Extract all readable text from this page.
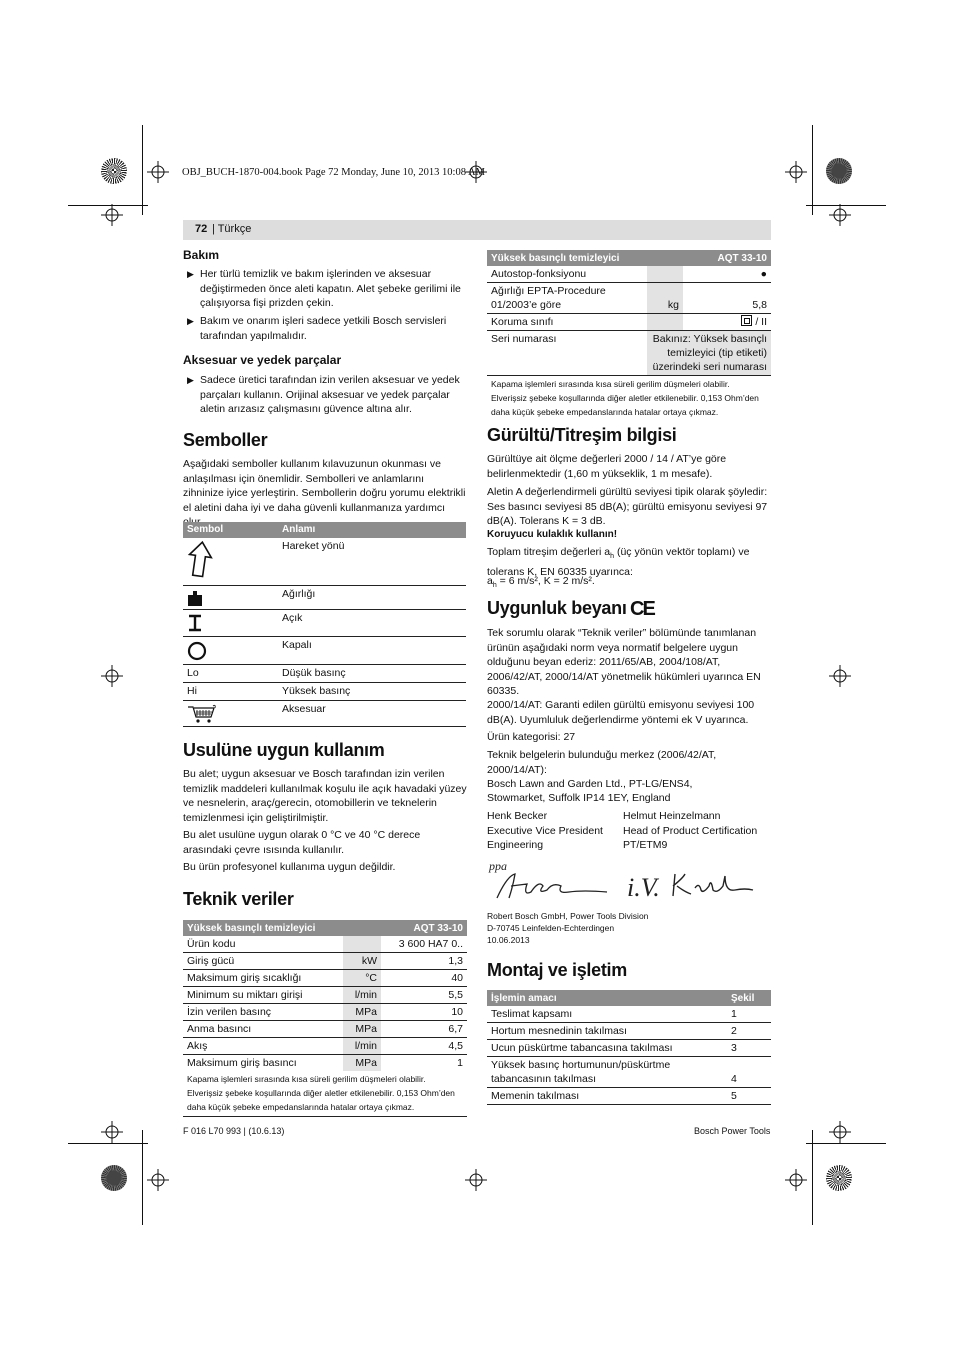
OBJ_BUCH-1870-004.book Page 72 Monday, June 10, 2013 10:08 AM
72 | Türkçe
Bakım
▶ Her türlü temizlik ve bakım işlerinden ve aksesuar değiştirmeden önce aleti kapatın. Alet şebeke gerilimi ile çalışıyorsa fişi prizden çekin.
▶ Bakım ve onarım işleri sadece yetkili Bosch servisleri tarafından yapılmalıdır.
Aksesuar ve yedek parçalar
▶ Sadece üretici tarafından izin verilen aksesuar ve yedek parçaları kullanın. Orijinal aksesuar ve yedek parçalar aletin arızasız çalışmasını güvence altına alır.
Semboller
Aşağıdaki semboller kullanım kılavuzunun okunması ve anlaşılması için önemlidir. Sembolleri ve anlamlarını zihninize iyice yerleştirin. Sembollerin doğru yorumu elektrikli el aletini daha iyi ve daha güvenli kullanmanıza yardımcı
Sembol	Anlamı
Hareket yönü
Ağırlığı
Açık
Kapalı
Lo	Düşük basınç
Hi	Yüksek basınç
Aksesuar
Usulüne uygun kullanım
Bu alet; uygun aksesuar ve Bosch tarafından izin verilen temizlik maddeleri kullanılmak koşulu ile açık havadaki yüzey ve nesnelerin, araç/gerecin, otomobillerin ve teknelerin temizlenmesi için geliştirilmiştir.
Bu alet usulüne uygun olarak 0 °C ve 40 °C derece arasındaki çevre ısısında kullanılır.
Bu ürün profesyonel kullanıma uygun değildir.
Teknik veriler
Yüksek basınçlı temizleyici		AQT 33-10
Ürün kodu		3 600 HA7 0..
Giriş gücü	kW	1,3
Maksimum giriş sıcaklığı	°C	40
Minimum su miktarı girişi	l/min	5,5
İzin verilen basınç	MPa	10
Anma basıncı	MPa	6,7
Akış	l/min	4,5
Maksimum giriş basıncı	MPa	1
Kapama işlemleri sırasında kısa süreli gerilim düşmeleri olabilir. Elverişsiz şebeke koşullarında diğer aletler etkilenebilir. 0,153 Ohm’den daha küçük şebeke empedanslarında hatalar ortaya çıkmaz.		
Yüksek basınçlı temizleyici		AQT 33-10
Autostop-fonksiyonu		●
Ağırlığı EPTA-Procedure 01/2003’e göre	kg	5,8
Koruma sınıfı		/ II
Seri numarası	Bakınız: Yüksek basınçlı temizleyici (tip etiketi) üzerindeki seri numarası	
Kapama işlemleri sırasında kısa süreli gerilim düşmeleri olabilir. Elverişsiz şebeke koşullarında diğer aletler etkilenebilir. 0,153 Ohm’den daha küçük şebeke empedanslarında hatalar ortaya çıkmaz.		
Gürültü/Titreşim bilgisi
Gürültüye ait ölçme değerleri 2000 / 14 / AT’ye göre belirlenmektedir (1,60 m yükseklik, 1 m mesafe).
Aletin A değerlendirmeli gürültü seviyesi tipik olarak şöyledir: Ses basıncı seviyesi 85 dB(A); gürültü emisyonu seviyesi 97 dB(A). Tolerans K = 3 dB.
Koruyucu kulaklık kullanın!
Toplam titreşim değerleri $a_h$ (üç yönün vektör toplamı) ve tolerans K, EN 60335 uyarınca:
$a_h = 6$ m/s², K = 2 m/s².
Uygunluk beyanı CE
Tek sorumlu olarak “Teknik veriler” bölümünde tanımlanan ürünün aşağıdaki norm veya normatif belgelere uygun olduğunu beyan ederiz: 2011/65/AB, 2004/108/AT, 2006/42/AT, 2000/14/AT yönetmelik hükümleri uyarınca EN 60335.
2000/14/AT: Garanti edilen gürültü emisyonu seviyesi 100 dB(A). Uyumluluk değerlendirme yöntemi ek V uyarınca.
Ürün kategorisi: 27
Teknik belgelerin bulunduğu merkez (2006/42/AT, 2000/14/AT):
Bosch Lawn and Garden Ltd., PT-LG/ENS4,
Stowmarket, Suffolk IP14 1EY, England
Henk Becker
Executive Vice President
Engineering
Helmut Heinzelmann
Head of Product Certification
PT/ETM9
ppa
i.V.
Robert Bosch GmbH, Power Tools Division
D-70745 Leinfelden-Echterdingen
10.06.2013
Montaj ve işletim
İşlemin amacı	Şekil
Teslimat kapsamı	1
Hortum mesnedinin takılması	2
Ucun püskürtme tabancasına takılması	3
Yüksek basınç hortumunun/püskürtme tabancasının takılması	4
Memenin takılması	5
F 016 L70 993 | (10.6.13)	Bosch Power Tools
